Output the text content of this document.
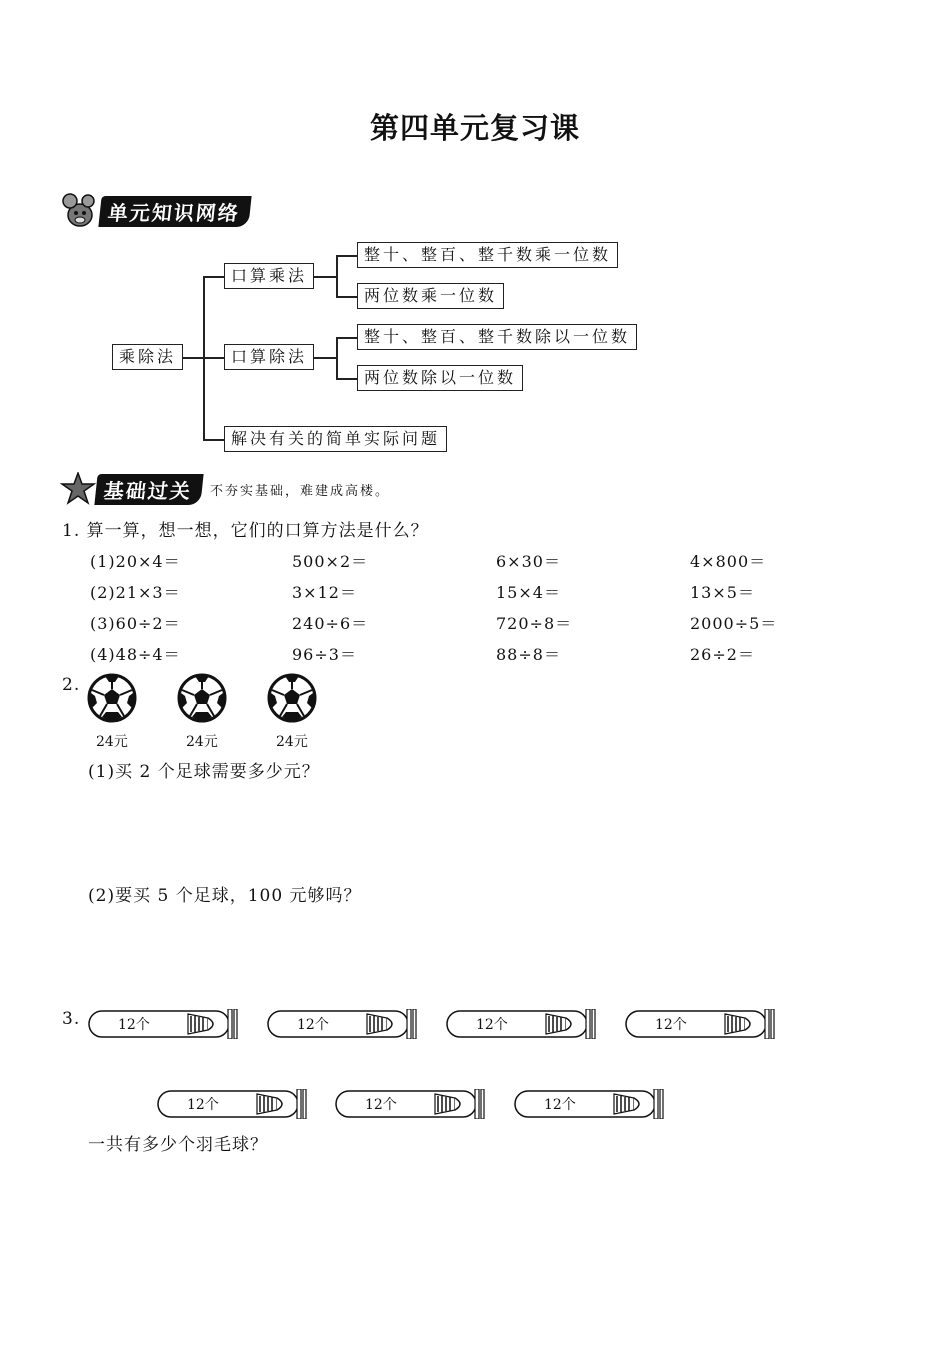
第四单元复习课
单元知识网络
乘除法
口算乘法
口算除法
解决有关的简单实际问题
整十、整百、整千数乘一位数
两位数乘一位数
整十、整百、整千数除以一位数
两位数除以一位数
基础过关	不夯实基础，难建成高楼。
1. 算一算，想一想，它们的口算方法是什么？
(1)20×4＝	500×2＝	6×30＝	4×800＝
(2)21×3＝	3×12＝	15×4＝	13×5＝
(3)60÷2＝	240÷6＝	720÷8＝	2000÷5＝
(4)48÷4＝	96÷3＝	88÷8＝	26÷2＝
2.
24元	24元	24元
(1)买 2 个足球需要多少元？
(2)要买 5 个足球，100 元够吗？
3.	12个	12个	12个	12个
12个	12个	12个
一共有多少个羽毛球？
